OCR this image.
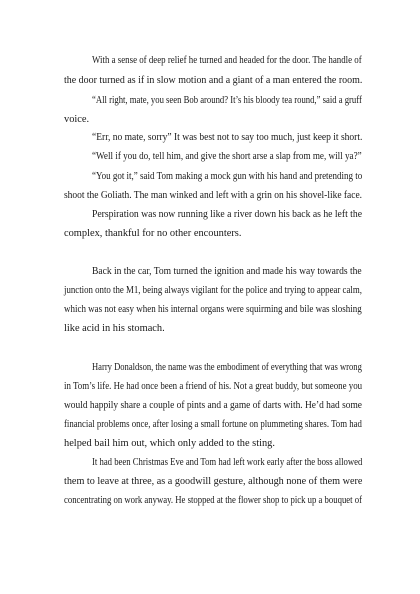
With a sense of deep relief he turned and headed for the door. The handle of
the door turned as if in slow motion and a giant of a man entered the room.
“All right, mate, you seen Bob around? It’s his bloody tea round,” said a gruff
voice.
“Err, no mate, sorry” It was best not to say too much, just keep it short.
“Well if you do, tell him, and give the short arse a slap from me, will ya?”
“You got it,” said Tom making a mock gun with his hand and pretending to
shoot the Goliath. The man winked and left with a grin on his shovel-like face.
Perspiration was now running like a river down his back as he left the
complex, thankful for no other encounters.
Back in the car, Tom turned the ignition and made his way towards the
junction onto the M1, being always vigilant for the police and trying to appear calm,
which was not easy when his internal organs were squirming and bile was sloshing
like acid in his stomach.
Harry Donaldson, the name was the embodiment of everything that was wrong
in Tom’s life. He had once been a friend of his. Not a great buddy, but someone you
would happily share a couple of pints and a game of darts with. He’d had some
financial problems once, after losing a small fortune on plummeting shares. Tom had
helped bail him out, which only added to the sting.
It had been Christmas Eve and Tom had left work early after the boss allowed
them to leave at three, as a goodwill gesture, although none of them were
concentrating on work anyway. He stopped at the flower shop to pick up a bouquet of
